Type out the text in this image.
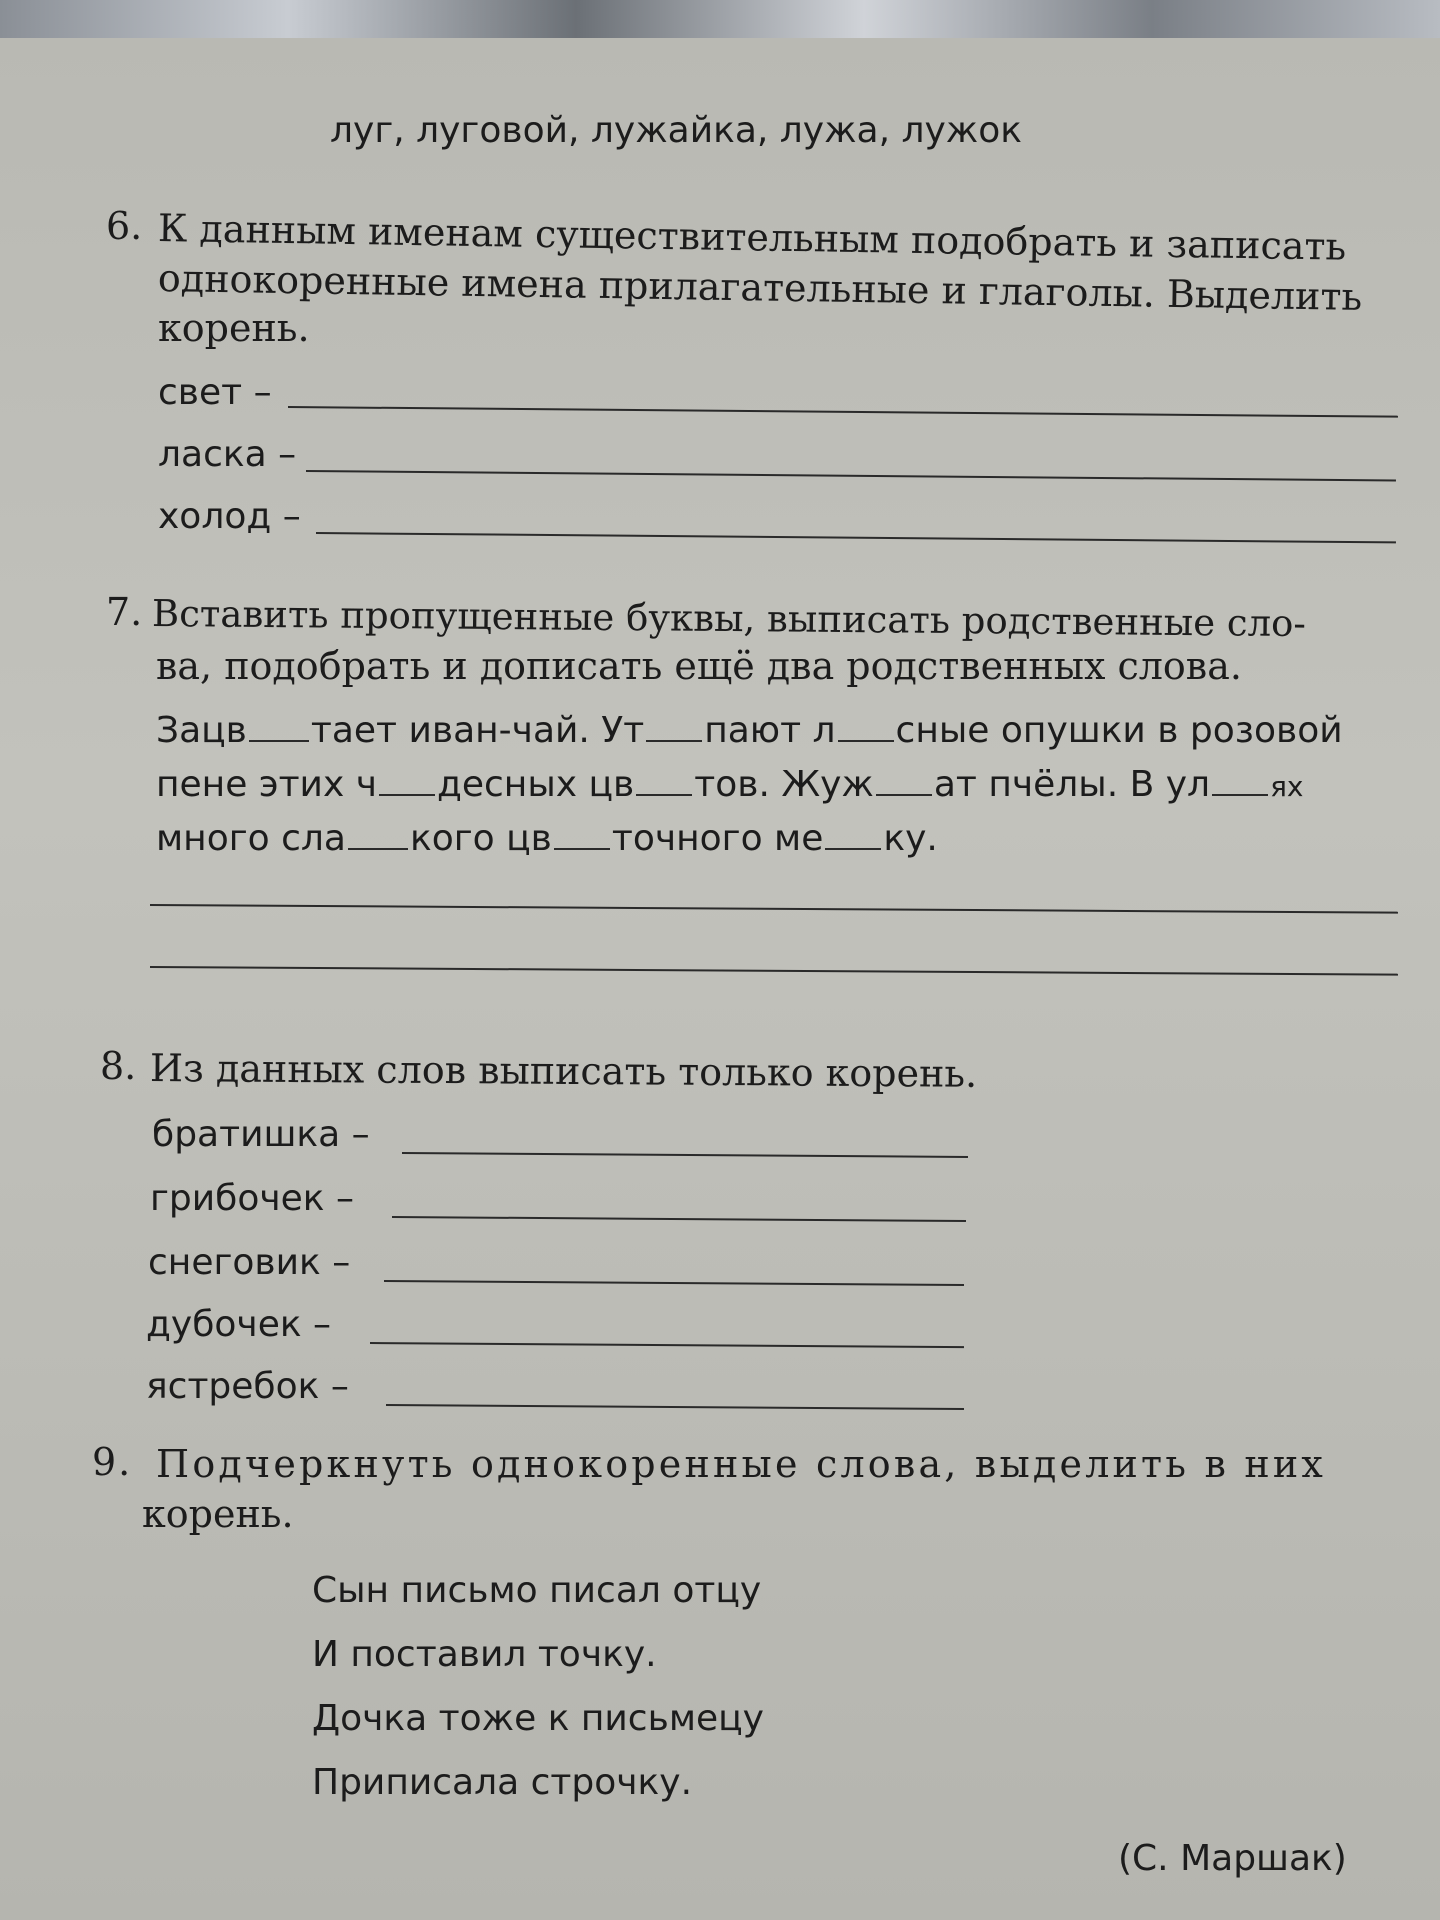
луг, луговой, лужайка, лужа, лужок
6. К данным именам существительным подобрать и записать
однокоренные имена прилагательные и глаголы. Выделить
корень.
свет –
ласка –
холод –
7. Вставить пропущенные буквы, выписать родственные сло-
ва, подобрать и дописать ещё два родственных слова.
Зацв тает иван-чай. Ут пают л сные опушки в розовой
пене этих ч десных цв тов. Жуж ат пчёлы. В ул ях
много сла кого цв точного ме ку.
8. Из данных слов выписать только корень.
братишка –
грибочек –
снеговик –
дубочек –
ястребок –
9. Подчеркнуть однокоренные слова, выделить в них
корень.
Сын письмо писал отцу
И поставил точку.
Дочка тоже к письмецу
Приписала строчку.
(С. Маршак)
